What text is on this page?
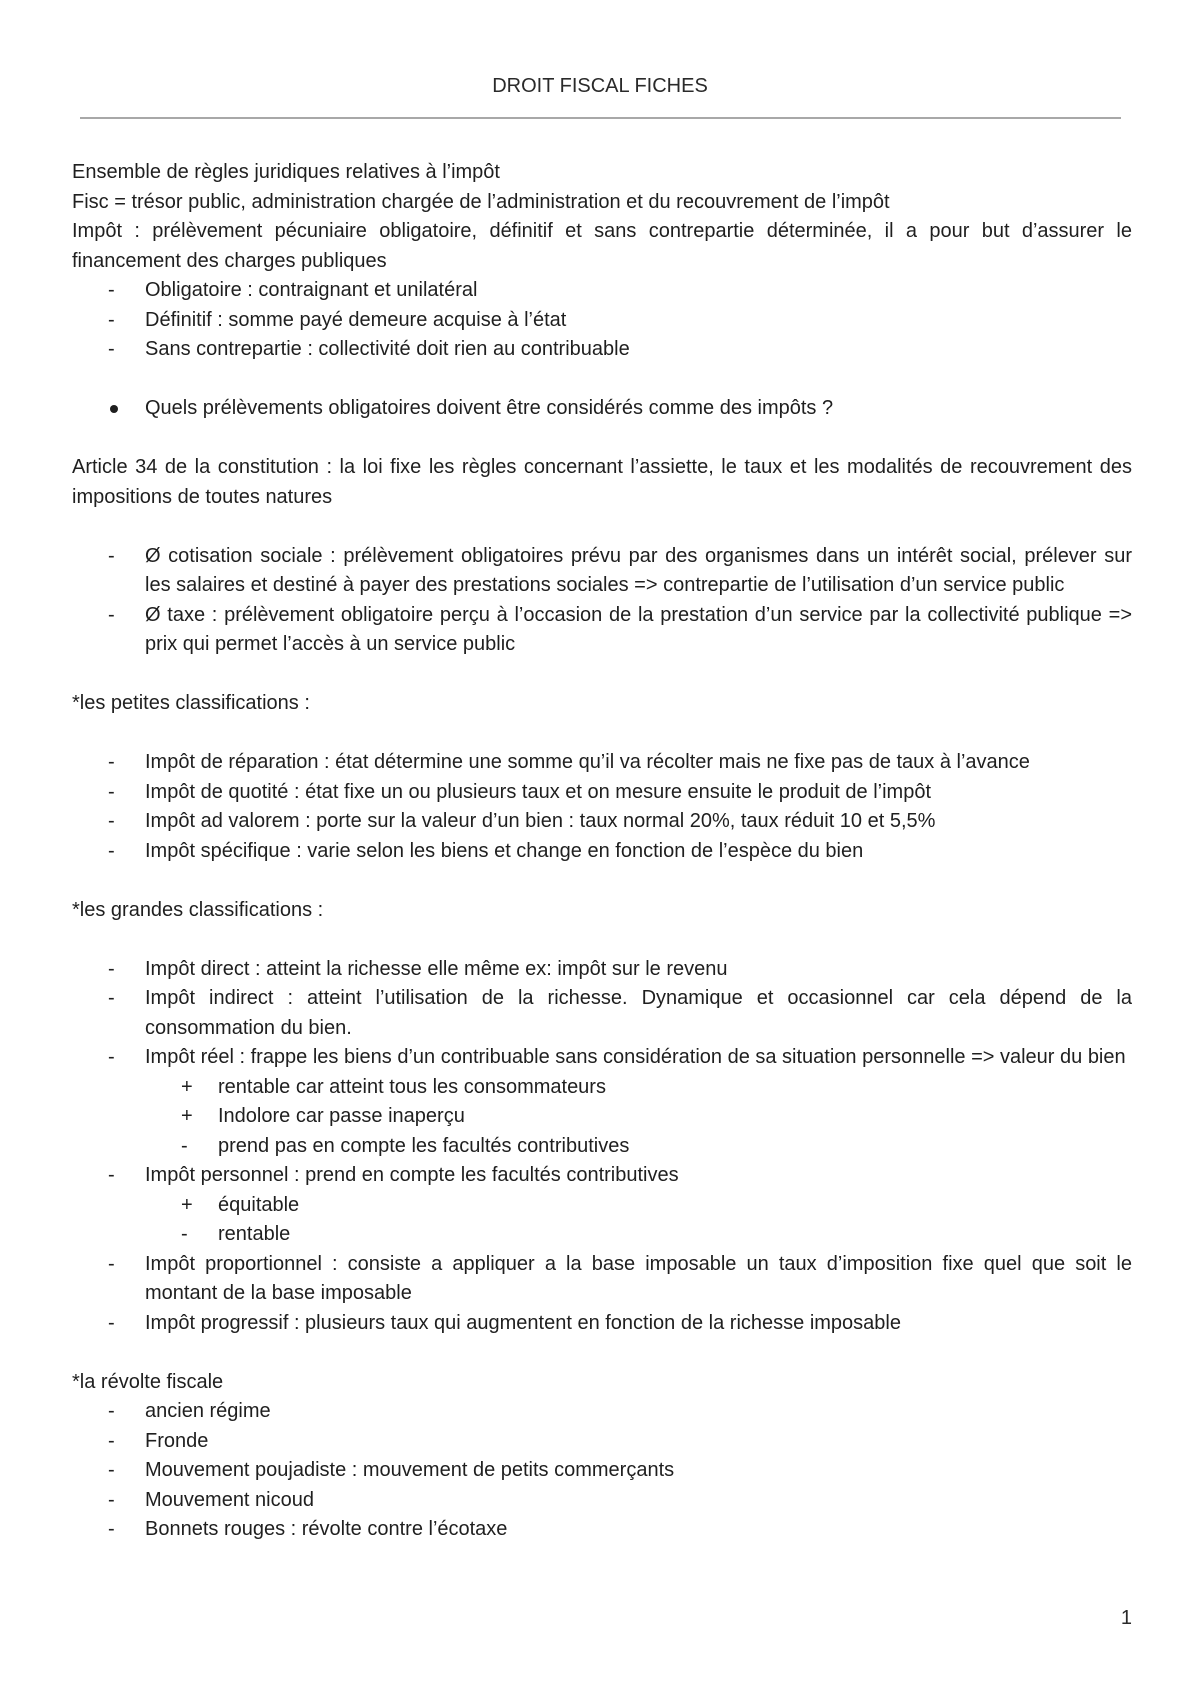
DROIT FISCAL FICHES

Ensemble de règles juridiques relatives à l’impôt

Fisc = trésor public, administration chargée de l’administration et du recouvrement de l’impôt

Impôt : prélèvement pécuniaire obligatoire, définitif et sans contrepartie déterminée, il a pour but d’assurer le financement des charges publiques

-	Obligatoire : contraignant et unilatéral
-	Définitif : somme payé demeure acquise à l’état
-	Sans contrepartie : collectivité doit rien au contribuable
Quels prélèvements obligatoires doivent être considérés comme des impôts ?

Article 34 de la constitution : la loi fixe les règles concernant l’assiette, le taux et les modalités de recouvrement des impositions de toutes natures

-	Ø cotisation sociale : prélèvement obligatoires prévu par des organismes dans un intérêt social, prélever sur les salaires et destiné à payer des prestations sociales => contrepartie de l’utilisation d’un service public
-	Ø taxe : prélèvement obligatoire perçu à l’occasion de la prestation d’un service par la collectivité publique => prix qui permet l’accès à un service public

*les petites classifications :

-	Impôt de réparation : état détermine une somme qu’il va récolter mais ne fixe pas de taux à l’avance
-	Impôt de quotité : état fixe un ou plusieurs taux et on mesure ensuite le produit de l’impôt
-	Impôt ad valorem : porte sur la valeur d’un bien : taux normal 20%, taux réduit 10 et 5,5%
-	Impôt spécifique : varie selon les biens et change en fonction de l’espèce du bien

*les grandes classifications :

-	Impôt direct : atteint la richesse elle même ex: impôt sur le revenu
-	Impôt indirect : atteint l’utilisation de la richesse. Dynamique et occasionnel car cela dépend de la consommation du bien.
-	Impôt réel : frappe les biens d’un contribuable sans considération de sa situation personnelle => valeur du bien
+	rentable car atteint tous les consommateurs
+	Indolore car passe inaperçu
-	prend pas en compte les facultés contributives
-	Impôt personnel : prend en compte les facultés contributives
+	équitable
-	rentable
-	Impôt proportionnel : consiste a appliquer a la base imposable un taux d’imposition fixe quel que soit le montant de la base imposable
-	Impôt progressif : plusieurs taux qui augmentent en fonction de la richesse imposable

*la révolte fiscale

-	ancien régime
-	Fronde
-	Mouvement poujadiste : mouvement de petits commerçants
-	Mouvement nicoud
-	Bonnets rouges : révolte contre l’écotaxe
1
